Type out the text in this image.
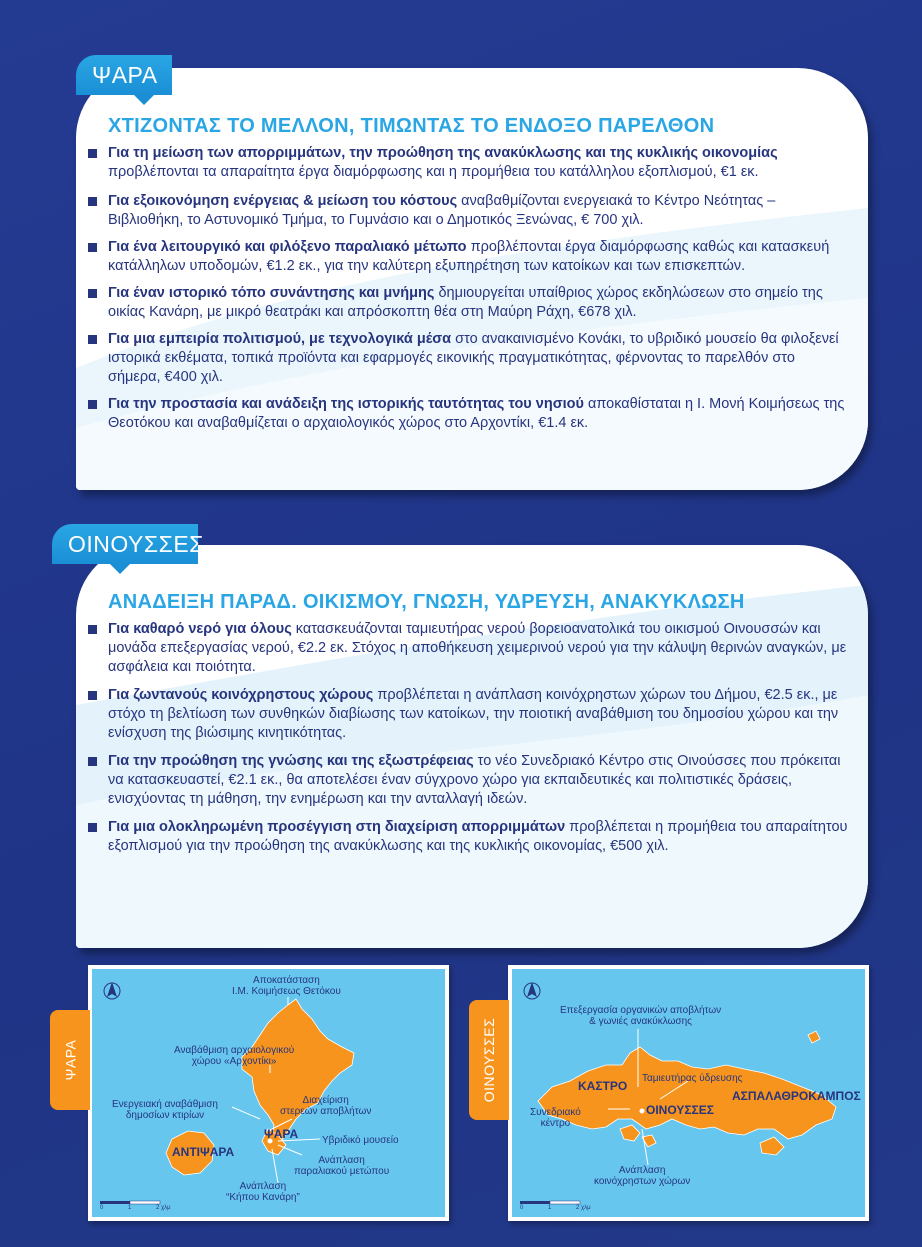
ΨΑΡΑ
ΧΤΙΖΟΝΤΑΣ ΤΟ ΜΕΛΛΟΝ, ΤΙΜΩΝΤΑΣ ΤΟ ΕΝΔΟΞΟ ΠΑΡΕΛΘΟΝ
Για τη μείωση των απορριμμάτων, την προώθηση της ανακύκλωσης και της κυκλικής οικονομίας προβλέπονται τα απαραίτητα έργα διαμόρφωσης και η προμήθεια του κατάλληλου εξοπλισμού, €1 εκ.
Για εξοικονόμηση ενέργειας & μείωση του κόστους αναβαθμίζονται ενεργειακά το Κέντρο Νεότητας – Βιβλιοθήκη, το Αστυνομικό Τμήμα, το Γυμνάσιο και ο Δημοτικός Ξενώνας, € 700 χιλ.
Για ένα λειτουργικό και φιλόξενο παραλιακό μέτωπο προβλέπονται έργα διαμόρφωσης καθώς και κατασκευή κατάλληλων υποδομών, €1.2 εκ., για την καλύτερη εξυπηρέτηση των κατοίκων και των επισκεπτών.
Για έναν ιστορικό τόπο συνάντησης και μνήμης δημιουργείται υπαίθριος χώρος εκδηλώσεων στο σημείο της οικίας Κανάρη, με μικρό θεατράκι και απρόσκοπτη θέα στη Μαύρη Ράχη, €678 χιλ.
Για μια εμπειρία πολιτισμού, με τεχνολογικά μέσα στο ανακαινισμένο Κονάκι, το υβριδικό μουσείο θα φιλοξενεί ιστορικά εκθέματα, τοπικά προϊόντα και εφαρμογές εικονικής πραγματικότητας, φέρνοντας το παρελθόν στο σήμερα, €400 χιλ.
Για την προστασία και ανάδειξη της ιστορικής ταυτότητας του νησιού αποκαθίσταται η Ι. Μονή Κοιμήσεως της Θεοτόκου και αναβαθμίζεται ο αρχαιολογικός χώρος στο Αρχοντίκι, €1.4 εκ.
ΟΙΝΟΥΣΣΕΣ
ΑΝΑΔΕΙΞΗ ΠΑΡΑΔ. ΟΙΚΙΣΜΟΥ, ΓΝΩΣΗ, ΥΔΡΕΥΣΗ, ΑΝΑΚΥΚΛΩΣΗ
Για καθαρό νερό για όλους κατασκευάζονται ταμιευτήρας νερού βορειοανατολικά του οικισμού Οινουσσών και μονάδα επεξεργασίας νερού, €2.2 εκ. Στόχος η αποθήκευση χειμερινού νερού για την κάλυψη θερινών αναγκών, με ασφάλεια και ποιότητα.
Για ζωντανούς κοινόχρηστους χώρους προβλέπεται η ανάπλαση κοινόχρηστων χώρων του Δήμου, €2.5 εκ., με στόχο τη βελτίωση των συνθηκών διαβίωσης των κατοίκων, την ποιοτική αναβάθμιση του δημοσίου χώρου και την ενίσχυση της βιώσιμης κινητικότητας.
Για την προώθηση της γνώσης και της εξωστρέφειας το νέο Συνεδριακό Κέντρο στις Οινούσσες που πρόκειται να κατασκευαστεί, €2.1 εκ., θα αποτελέσει έναν σύγχρονο χώρο για εκπαιδευτικές και πολιτιστικές δράσεις, ενισχύοντας τη μάθηση, την ενημέρωση και την ανταλλαγή ιδεών.
Για μια ολοκληρωμένη προσέγγιση στη διαχείριση απορριμμάτων προβλέπεται η προμήθεια του απαραίτητου εξοπλισμού για την προώθηση της ανακύκλωσης και της κυκλικής οικονομίας, €500 χιλ.
ΨΑΡΑ
Αποκατάσταση
Ι.Μ. Κοιμήσεως Θετόκου
Αναβάθμιση αρχαιολογικού
χώρου «Αρχοντίκι»
Ενεργειακή αναβάθμιση
δημοσίων κτιρίων
Διαχείριση
στερεών αποβλήτων
ΨΑΡΑ Υβριδικό μουσείο
ΑΝΤΙΨΑΡΑ
Ανάπλαση
παραλιακού μετώπου
Ανάπλαση
“Κήπου Κανάρη”
0	1	2 χλμ
ΟΙΝΟΥΣΣΕΣ
Επεξεργασία οργανικών αποβλήτων
& γωνιές ανακύκλωσης
ΚΑΣΤΡΟ
Ταμιευτήρας ύδρευσης
ΑΣΠΑΛΑΘΡΟΚΑΜΠΟΣ
Συνεδριακό
κέντρο
ΟΙΝΟΥΣΣΕΣ
Ανάπλαση
κοινόχρηστων χώρων
0	1	2 χλμ
